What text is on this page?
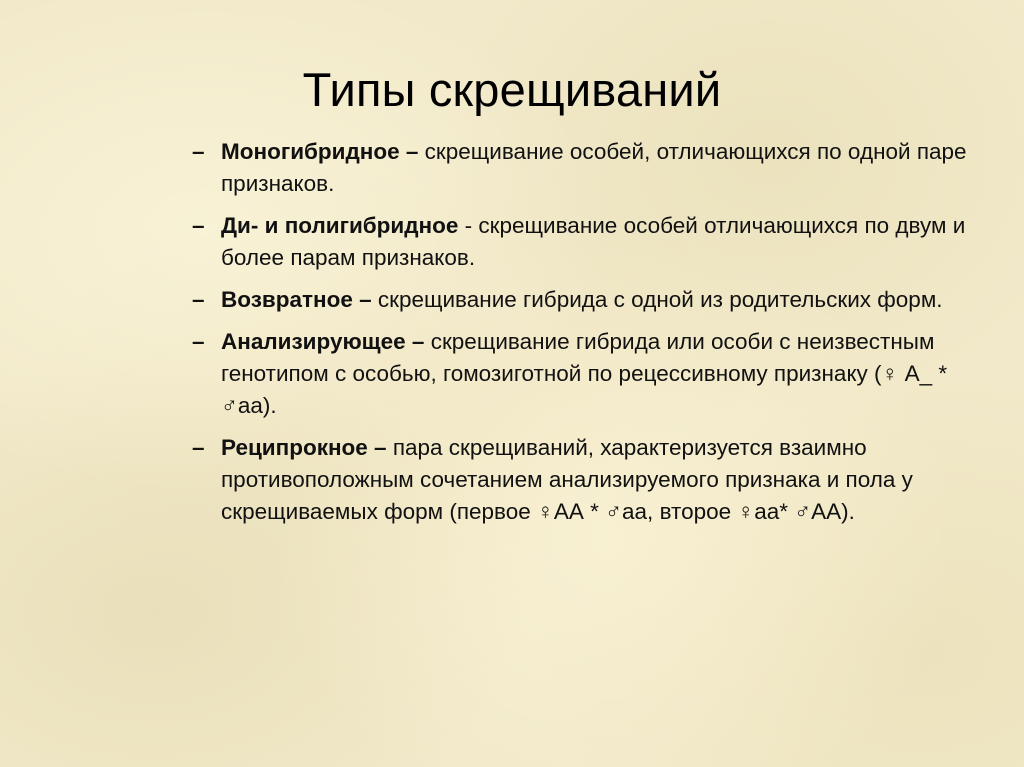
Типы скрещиваний
– Моногибридное – скрещивание особей, отличающихся по одной паре признаков.
– Ди- и полигибридное - скрещивание особей отличающихся по двум и более парам признаков.
– Возвратное – скрещивание гибрида с одной из родительских форм.
– Анализирующее – скрещивание гибрида или особи с неизвестным генотипом с особью, гомозиготной по рецессивному признаку (♀ А_ * ♂аа).
– Реципрокное – пара скрещиваний, характеризуется взаимно противоположным сочетанием анализируемого признака и пола у скрещиваемых форм (первое ♀АА * ♂аа, второе ♀аа* ♂АА).
